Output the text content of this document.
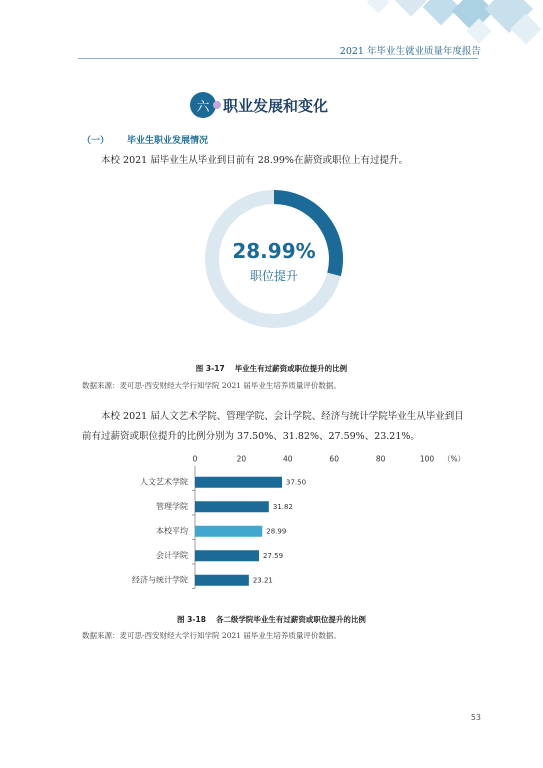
2021 年毕业生就业质量年度报告
六 职业发展和变化
（一） 毕业生职业发展情况
本校 2021 届毕业生从毕业到目前有 28.99%在薪资或职位上有过提升。
28.99%
职位提升
图 3-17 毕业生有过薪资或职位提升的比例
数据来源：麦可思-西安财经大学行知学院 2021 届毕业生培养质量评价数据。
本校 2021 届人文艺术学院、管理学院、会计学院、经济与统计学院毕业生从毕业到目前有过薪资或职位提升的比例分别为 37.50%、31.82%、27.59%、23.21%。
0	20	40	60	80	100 （%）
人文艺术学院	37.50
管理学院	31.82
本校平均	28.99
会计学院	27.59
经济与统计学院	23.21
图 3-18 各二级学院毕业生有过薪资或职位提升的比例
数据来源：麦可思-西安财经大学行知学院 2021 届毕业生培养质量评价数据。
53
